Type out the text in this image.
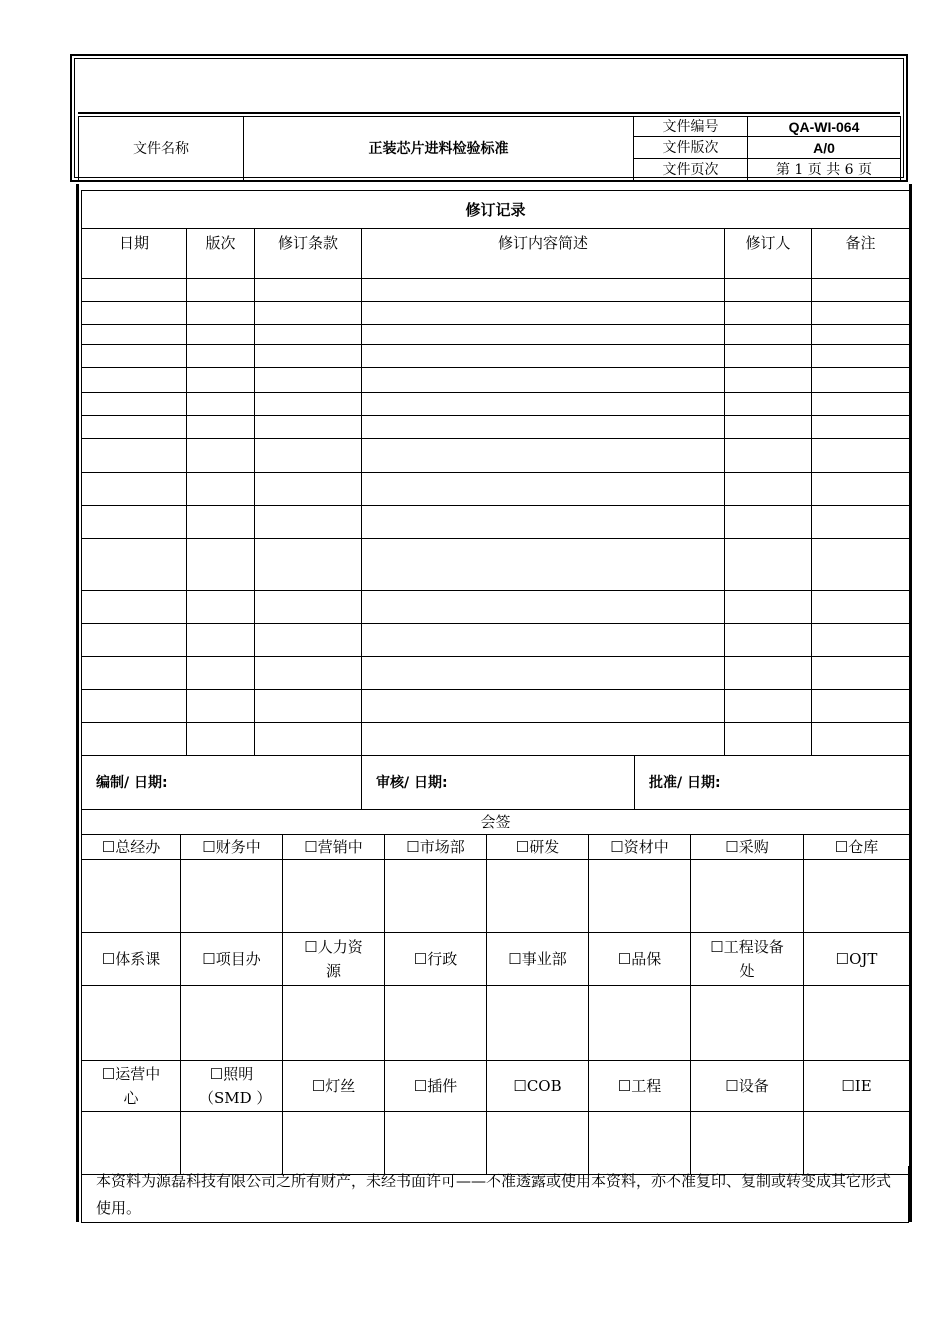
文件名称	正装芯片进料检验标准	文件编号	QA-WI-064
		文件版次	A/0
		文件页次	第 1 页 共 6 页
修订记录					
日期	版次	修订条款	修订内容简述	修订人	备注

编制/ 日期:	审核/ 日期:	批准/ 日期:
会签							
☐总经办	☐财务中	☐营销中	☐市场部	☐研发	☐资材中	☐采购	☐仓库

☐体系课	☐项目办	☐人力资源	☐行政	☐事业部	☐品保	☐工程设备处	☐OJT

☐运营中心	☐照明（SMD ）	☐灯丝	☐插件	☐COB	☐工程	☐设备	☐IE

本资料为源磊科技有限公司之所有财产，未经书面许可——不准透露或使用本资料，亦不准复印、复制或转变成其它形式使用。
